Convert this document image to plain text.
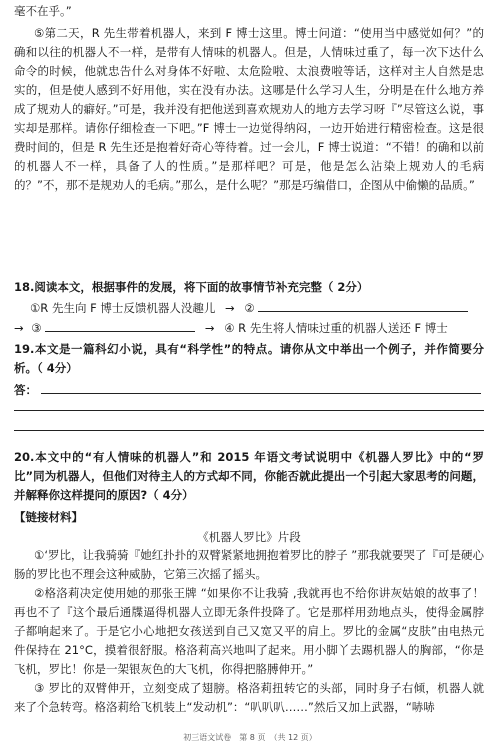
毫不在乎。”

⑤第二天，R 先生带着机器人，来到 F 博士这里。博士问道：“使用当中感觉如何？”的确和以往的机器人不一样，是带有人情味的机器人。但是，人情味过重了，每一次下达什么命令的时候，他就忠告什么对身体不好啦、太危险啦、太浪费啦等话，这样对主人自然是忠实的，但是使人感到不好用他，实在没有办法。这哪是什么学习人生，分明是在什么地方养成了规劝人的癖好。”可是，我并没有把他送到喜欢规劝人的地方去学习呀『”尽管这么说，事实却是那样。请你仔细检查一下吧。”F 博士一边觉得纳闷，一边开始进行精密检查。这是很费时间的，但是 R 先生还是抱着好奇心等待着。过一会儿，F 博士说道：“不错！的确和以前的机器人不一样，具备了人的性质。”是那样吧？可是，他是怎么沾染上规劝人的毛病的？”不，那不是规劝人的毛病。”那么，是什么呢？”那是巧编借口，企图从中偷懒的品质。”

18.阅读本文，根据事件的发展，将下面的故事情节补充完整（ 2分）

①R 先生向 F 博士反馈机器人没趣儿 → ②
→ ③	→ ④ R 先生将人情味过重的机器人送还 F 博士

19.本文是一篇科幻小说，具有“科学性”的特点。请你从文中举出一个例子，并作简要分析。（ 4分）

答：

20.本文中的“有人情味的机器人”和 2015 年语文考试说明中《机器人罗比》中的“罗比”同为机器人，但他们对待主人的方式却不同，你能否就此提出一个引起大家思考的问题，并解释你这样提问的原因?（ 4分）

【链接材料】

《机器人罗比》片段

①‘罗比，让我骑骑『她红扑扑的双臂紧紧地拥抱着罗比的脖子 ”那我就要哭了『可是硬心肠的罗比也不理会这种威胁，它第三次摇了摇头。

②格洛莉决定使用她的那张王牌 “如果你不让我骑 ,我就再也不给你讲灰姑娘的故事了！再也不了『这个最后通牒逼得机器人立即无条件投降了。它是那样用劲地点头，使得金属脖子都响起来了。于是它小心地把女孩送到自己又宽又平的肩上。罗比的金属“皮肤”由电热元件保持在 21°C，摸着很舒服。格洛莉高兴地叫了起来。用小脚丫去踢机器人的胸部，“你是飞机，罗比！你是一架银灰色的大飞机，你得把胳膊伸开。”

③ 罗比的双臂伸开，立刻变成了翅膀。格洛莉扭转它的头部，同时身子右倾，机器人就来了个急转弯。格洛莉给飞机装上“发动机”：“叭叭叭……”然后又加上武器，“哧哧

初三语文试卷　第 8 页　（共 12 页）
